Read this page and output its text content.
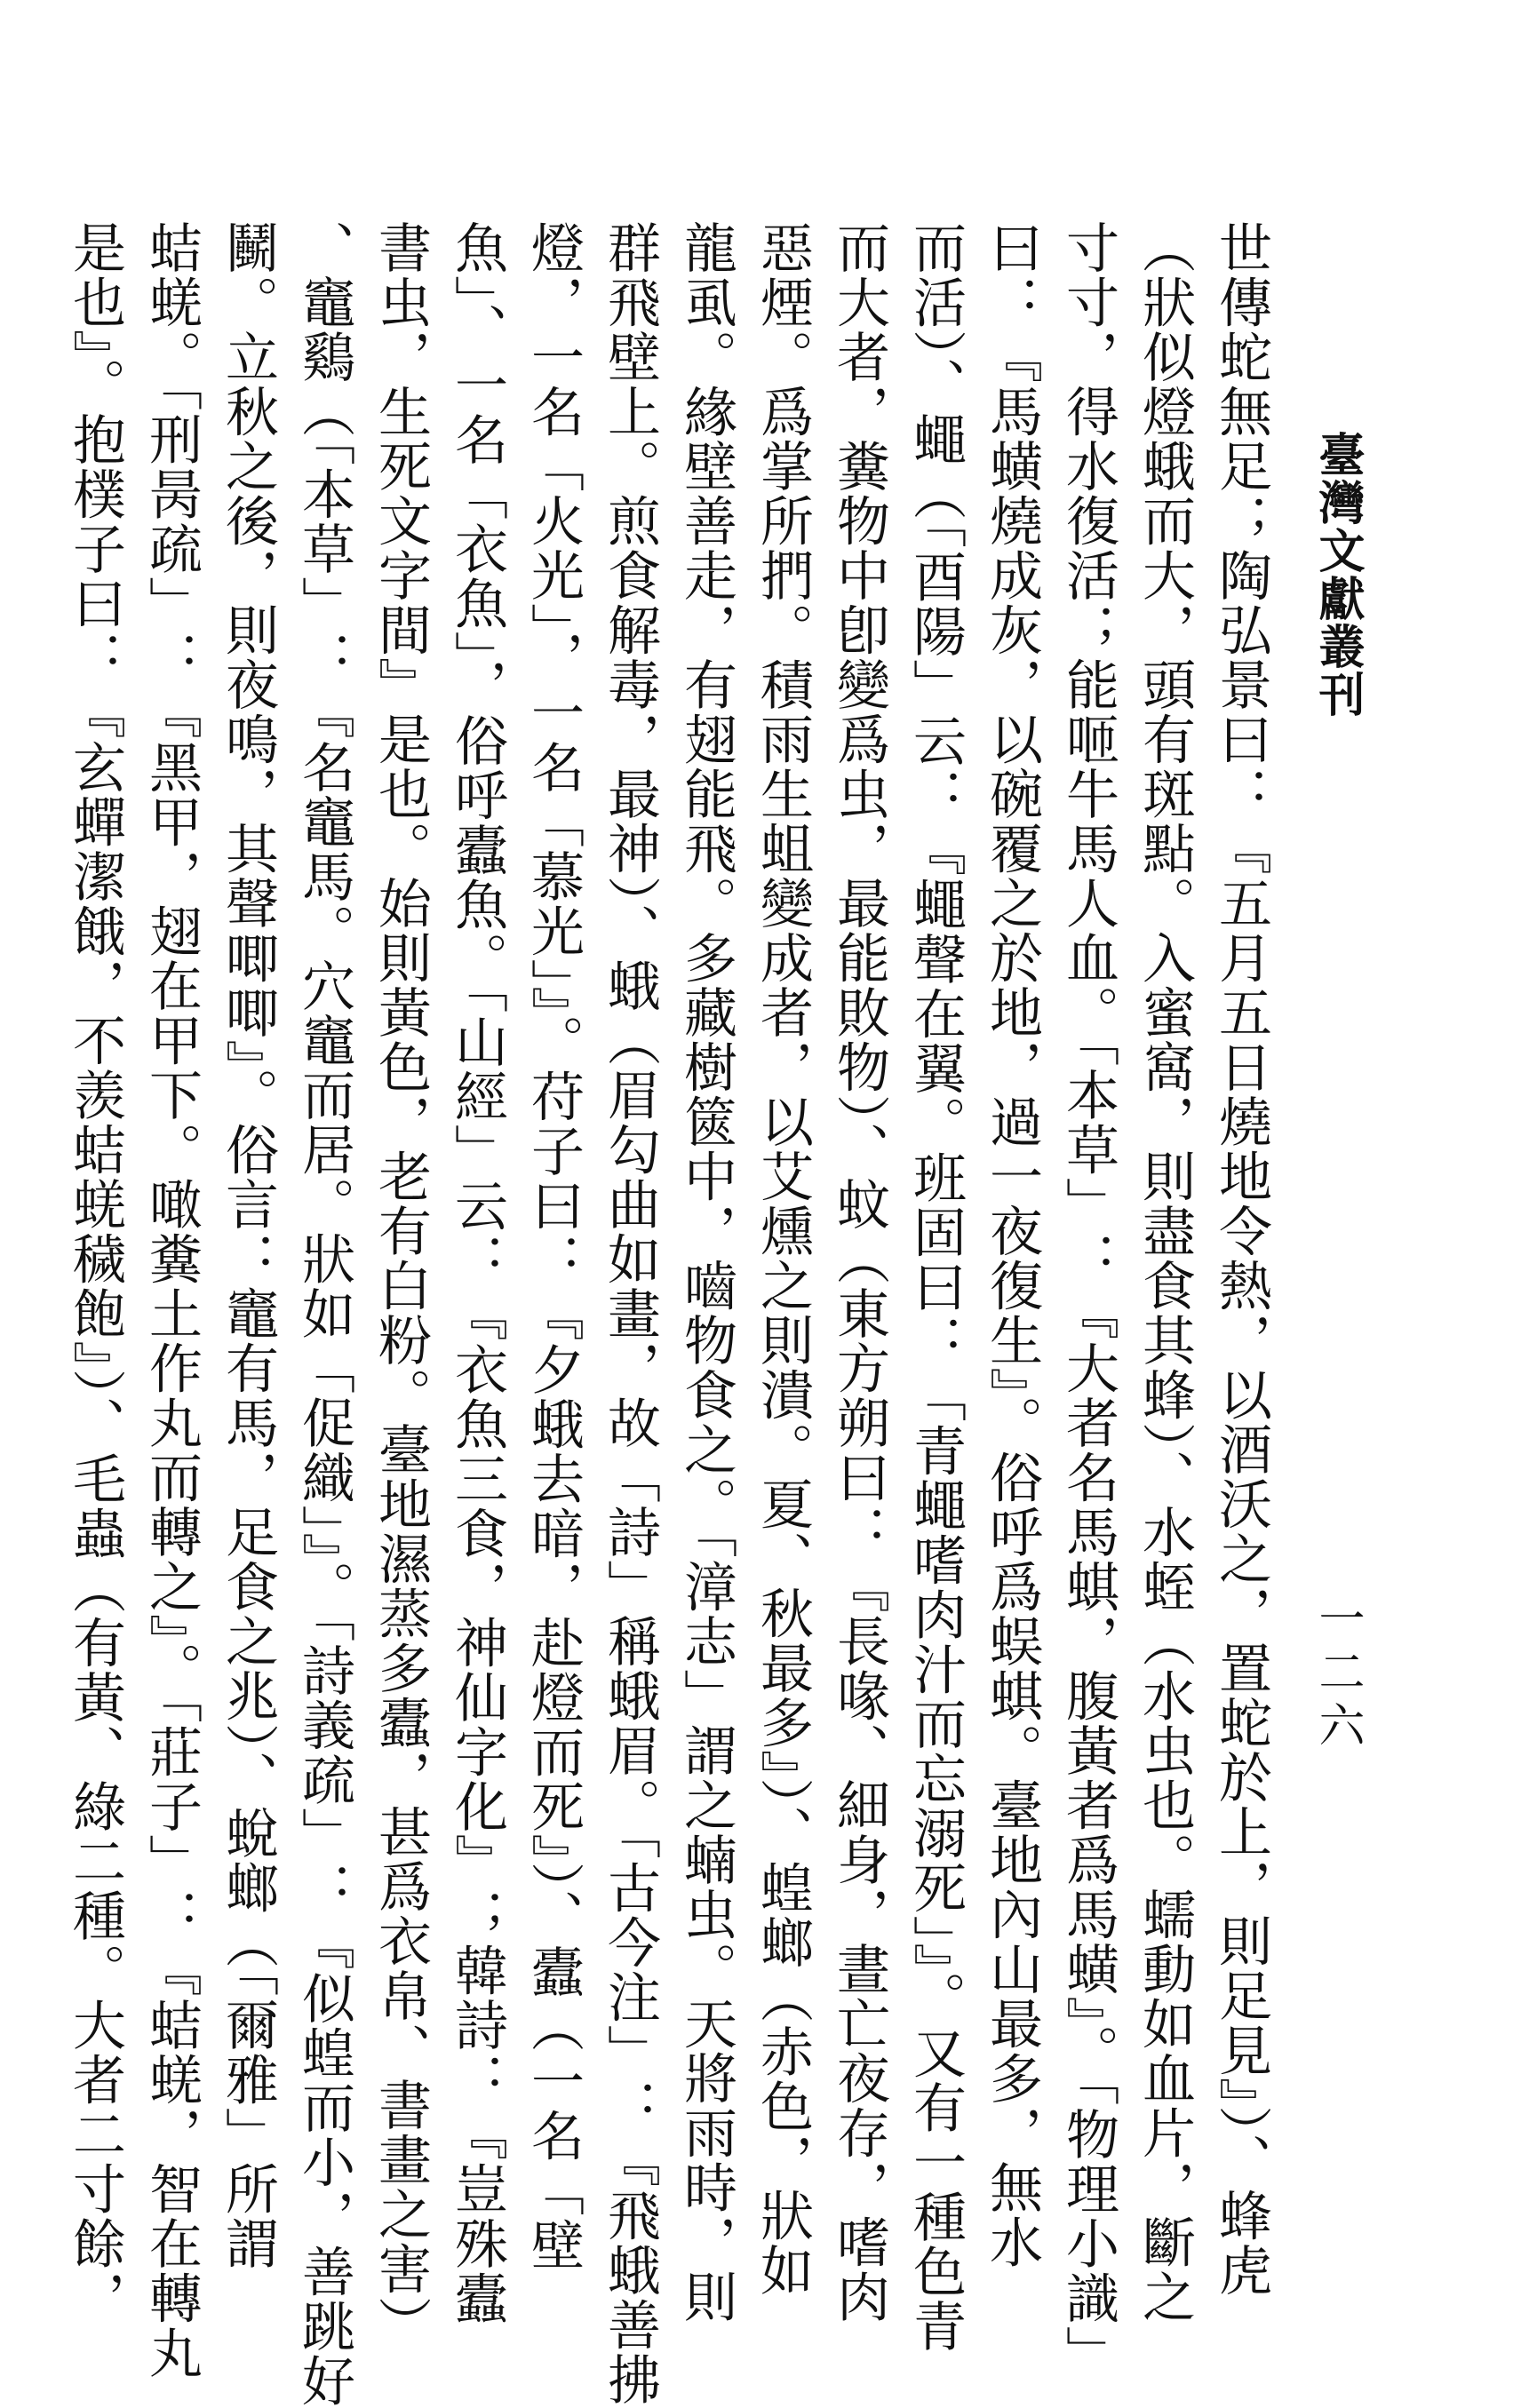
臺灣文獻叢刊
一二六
世傳蛇無足；陶弘景曰：『五月五日燒地令熱，以酒沃之，置蛇於上，則足見』）、蜂虎
（狀似燈蛾而大，頭有斑點。入蜜窩，則盡食其蜂）、水蛭（水虫也。蠕動如血片，斷之
寸寸，得水復活；能咂牛馬人血。「本草」：『大者名馬蜞，腹黃者爲馬蟥』。「物理小識」
曰：『馬蟥燒成灰，以碗覆之於地，過一夜復生』。俗呼爲蜈蜞。臺地內山最多，無水
而活）、蠅（「酉陽」云：『蠅聲在翼。班固曰：「青蠅嗜肉汁而忘溺死」』。又有一種色青
而大者，糞物中卽變爲虫，最能敗物）、蚊（東方朔曰：『長喙、細身，晝亡夜存，嗜肉
惡煙。爲掌所捫。積雨生蛆變成者，以艾燻之則潰。夏、秋最多』）、蝗螂（赤色，狀如
龍虱。緣壁善走，有翅能飛。多藏樹篋中，嚙物食之。「漳志」謂之蝻虫。天將雨時，則
群飛壁上。煎食解毒，最神）、蛾（眉勾曲如畫，故「詩」稱蛾眉。「古今注」：『飛蛾善拂
燈，一名「火光」，一名「慕光」』。苻子曰：『夕蛾去暗，赴燈而死』）、蠹（一名「壁
魚」、一名「衣魚」，俗呼蠹魚。「山經」云：『衣魚三食，神仙字化』；韓詩：『豈殊蠹
書虫，生死文字間』是也。始則黃色，老有白粉。臺地濕蒸多蠹，甚爲衣帛、書畫之害）
、竈鷄（「本草」：『名竈馬。穴竈而居。狀如「促織」』。「詩義疏」：『似蝗而小，善跳好
鬭。立秋之後，則夜鳴，其聲唧唧』。俗言：竈有馬，足食之兆）、蛻螂（「爾雅」所謂
蛣蜣。「刑昺疏」：『黑甲，翅在甲下。噉糞土作丸而轉之』。「莊子」：『蛣蜣，智在轉丸
是也』。抱樸子曰：『玄蟬潔餓，不羡蛣蜣穢飽』）、毛蟲（有黃、綠二種。大者二寸餘，
